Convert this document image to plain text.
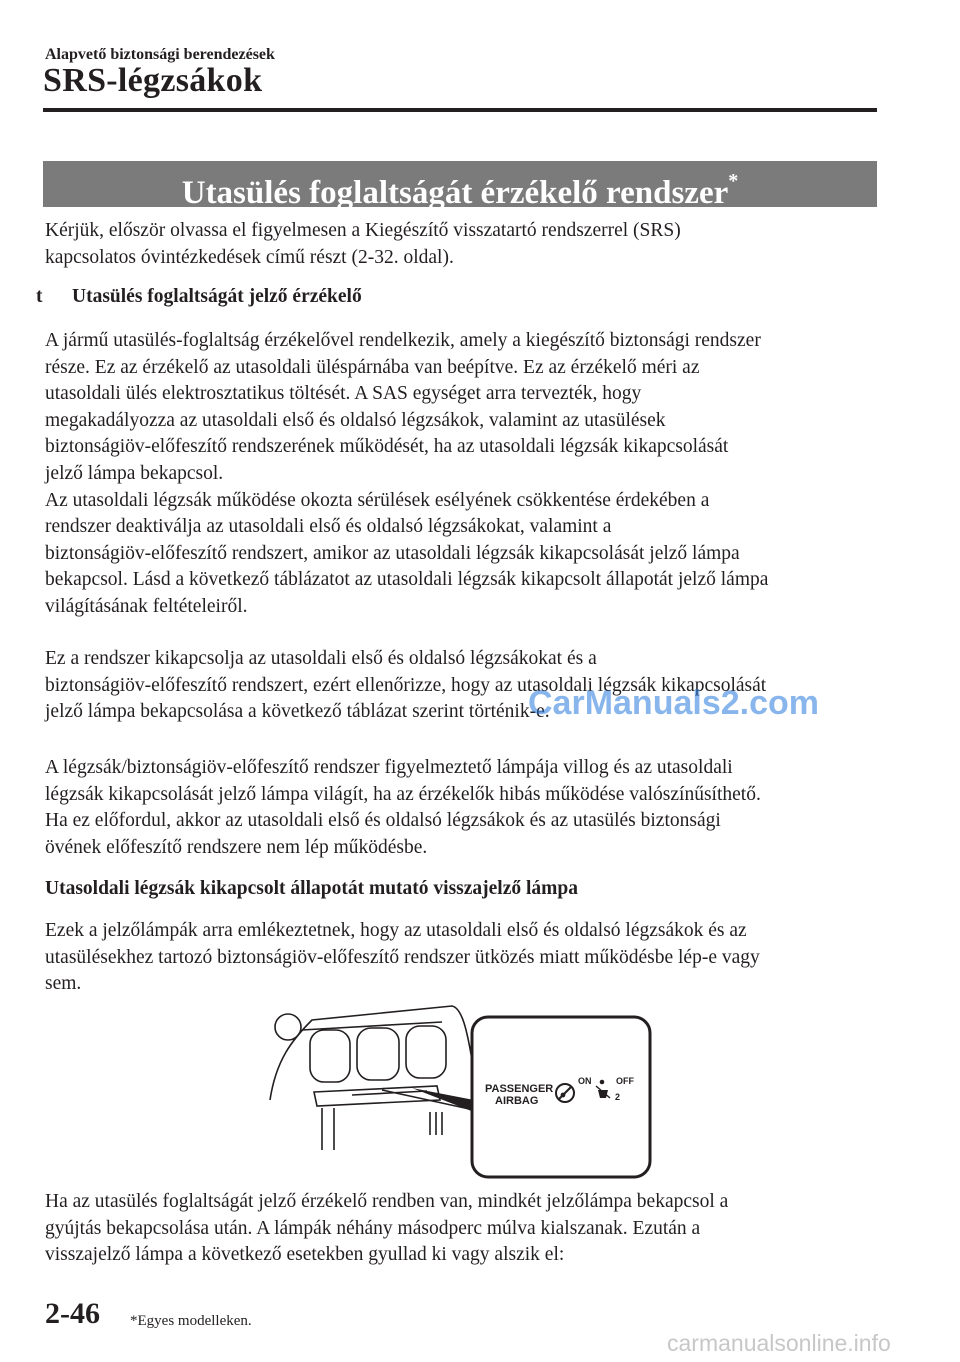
Alapvető biztonsági berendezések
SRS-légzsákok
Utasülés foglaltságát érzékelő rendszer*
Kérjük, először olvassa el figyelmesen a Kiegészítő visszatartó rendszerrel (SRS)
kapcsolatos óvintézkedések című részt (2-32. oldal).
t Utasülés foglaltságát jelző érzékelő
A jármű utasülés-foglaltság érzékelővel rendelkezik, amely a kiegészítő biztonsági rendszer
része. Ez az érzékelő az utasoldali üléspárnába van beépítve. Ez az érzékelő méri az
utasoldali ülés elektrosztatikus töltését. A SAS egységet arra tervezték, hogy
megakadályozza az utasoldali első és oldalsó légzsákok, valamint az utasülések
biztonságiöv-előfeszítő rendszerének működését, ha az utasoldali légzsák kikapcsolását
jelző lámpa bekapcsol.
Az utasoldali légzsák működése okozta sérülések esélyének csökkentése érdekében a
rendszer deaktiválja az utasoldali első és oldalsó légzsákokat, valamint a
biztonságiöv-előfeszítő rendszert, amikor az utasoldali légzsák kikapcsolását jelző lámpa
bekapcsol. Lásd a következő táblázatot az utasoldali légzsák kikapcsolt állapotát jelző lámpa
világításának feltételeiről.
Ez a rendszer kikapcsolja az utasoldali első és oldalsó légzsákokat és a
biztonságiöv-előfeszítő rendszert, ezért ellenőrizze, hogy az utasoldali légzsák kikapcsolását
jelző lámpa bekapcsolása a következő táblázat szerint történik-e.
A légzsák/biztonságiöv-előfeszítő rendszer figyelmeztető lámpája villog és az utasoldali
légzsák kikapcsolását jelző lámpa világít, ha az érzékelők hibás működése valószínűsíthető.
Ha ez előfordul, akkor az utasoldali első és oldalsó légzsákok és az utasülés biztonsági
övének előfeszítő rendszere nem lép működésbe.
Utasoldali légzsák kikapcsolt állapotát mutató visszajelző lámpa
Ezek a jelzőlámpák arra emlékeztetnek, hogy az utasoldali első és oldalsó légzsákok és az
utasülésekhez tartozó biztonságiöv-előfeszítő rendszer ütközés miatt működésbe lép-e vagy
sem.
PASSENGER
AIRBAG
ON	OFF
2
Ha az utasülés foglaltságát jelző érzékelő rendben van, mindkét jelzőlámpa bekapcsol a
gyújtás bekapcsolása után. A lámpák néhány másodperc múlva kialszanak. Ezután a
visszajelző lámpa a következő esetekben gyullad ki vagy alszik el:
2-46 *Egyes modelleken.
CarManuals2.com
carmanualsonline.info
